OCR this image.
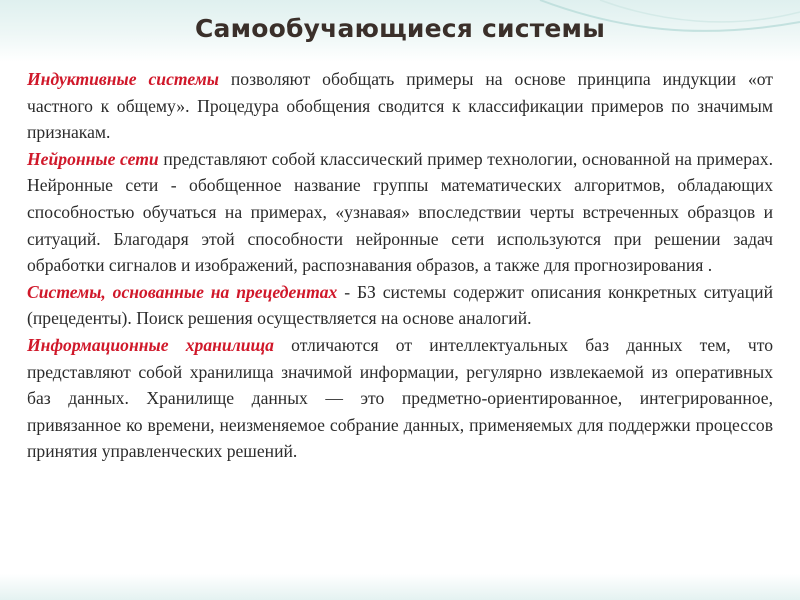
Самообучающиеся системы

Индуктивные системы позволяют обобщать примеры на основе принципа индукции «от частного к общему». Процедура обобщения сводится к классификации примеров по значимым признакам.

Нейронные сети представляют собой классический пример технологии, основанной на примерах. Нейронные сети - обобщенное название группы математических алгоритмов, обладающих способностью обучаться на примерах, «узнавая» впоследствии черты встреченных образцов и ситуаций. Благодаря этой способности нейронные сети используются при решении задач обработки сигналов и изображений, распознавания образов, а также для прогнозирования .

Системы, основанные на прецедентах - БЗ системы содержит описания конкретных ситуаций (прецеденты). Поиск решения осуществляется на основе аналогий.

Информационные хранилища отличаются от интеллектуальных баз данных тем, что представляют собой хранилища значимой информации, регулярно извлекаемой из оперативных баз данных. Хранилище данных — это предметно-ориентированное, интегрированное, привязанное ко времени, неизменяемое собрание данных, применяемых для поддержки процессов принятия управленческих решений.
